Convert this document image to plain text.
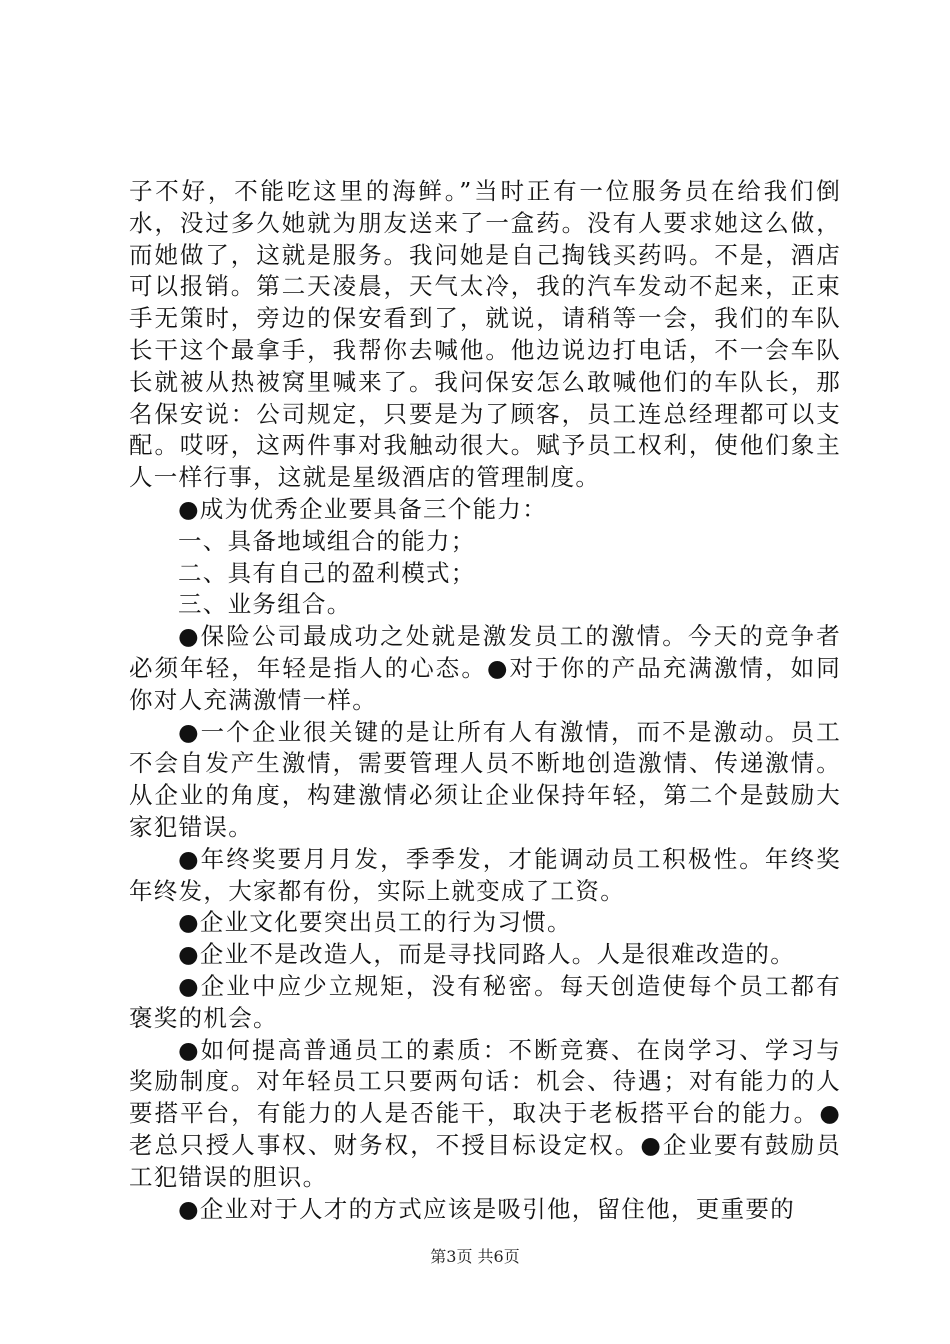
子不好，不能吃这里的海鲜。”当时正有一位服务员在给我们倒水，没过多久她就为朋友送来了一盒药。没有人要求她这么做，而她做了，这就是服务。我问她是自己掏钱买药吗。不是，酒店可以报销。第二天凌晨，天气太冷，我的汽车发动不起来，正束手无策时，旁边的保安看到了，就说，请稍等一会，我们的车队长干这个最拿手，我帮你去喊他。他边说边打电话，不一会车队长就被从热被窝里喊来了。我问保安怎么敢喊他们的车队长，那名保安说：公司规定，只要是为了顾客，员工连总经理都可以支配。哎呀，这两件事对我触动很大。赋予员工权利，使他们象主人一样行事，这就是星级酒店的管理制度。

●成为优秀企业要具备三个能力：

一、具备地域组合的能力；

二、具有自己的盈利模式；

三、业务组合。

●保险公司最成功之处就是激发员工的激情。今天的竞争者必须年轻，年轻是指人的心态。●对于你的产品充满激情，如同你对人充满激情一样。

●一个企业很关键的是让所有人有激情，而不是激动。员工不会自发产生激情，需要管理人员不断地创造激情、传递激情。从企业的角度，构建激情必须让企业保持年轻，第二个是鼓励大家犯错误。

●年终奖要月月发，季季发，才能调动员工积极性。年终奖年终发，大家都有份，实际上就变成了工资。

●企业文化要突出员工的行为习惯。

●企业不是改造人，而是寻找同路人。人是很难改造的。

●企业中应少立规矩，没有秘密。每天创造使每个员工都有褒奖的机会。

●如何提高普通员工的素质：不断竞赛、在岗学习、学习与奖励制度。对年轻员工只要两句话：机会、待遇；对有能力的人要搭平台，有能力的人是否能干，取决于老板搭平台的能力。●老总只授人事权、财务权，不授目标设定权。●企业要有鼓励员工犯错误的胆识。

●企业对于人才的方式应该是吸引他，留住他，更重要的

第3页 共6页
